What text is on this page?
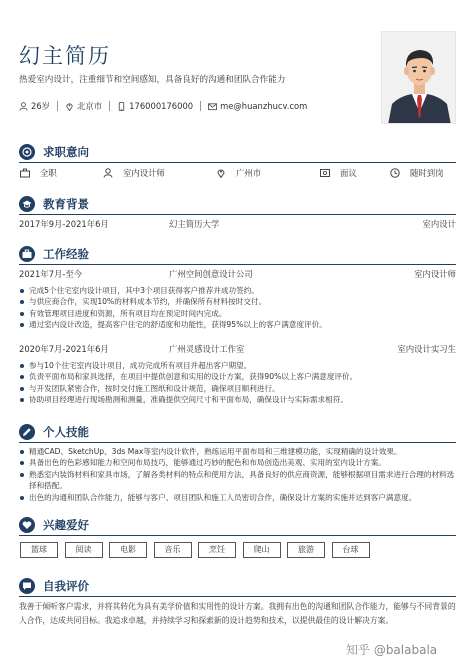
幻主简历
热爱室内设计，注重细节和空间感知，具备良好的沟通和团队合作能力
26岁	北京市	176000176000	me@huanzhucv.com
求职意向
全职	室内设计师	广州市	面议	随时到岗
教育背景
2017年9月-2021年6月	幻主简历大学	室内设计
工作经验
2021年7月-至今	广州空间创意设计公司	室内设计师
完成5个住宅室内设计项目，其中3个项目获得客户推荐并成功签约。
与供应商合作，实现10%的材料成本节约，并确保所有材料按时交付。
有效管理项目进度和资源，所有项目均在预定时间内完成。
通过室内设计改造，提高客户住宅的舒适度和功能性，获得95%以上的客户满意度评价。
2020年7月-2021年6月	广州灵感设计工作室	室内设计实习生
参与10个住宅室内设计项目，成功完成所有项目并超出客户期望。
负责平面布局和家具选择，在项目中提供创意和实用的设计方案，获得90%以上客户满意度评价。
与开发团队紧密合作，按时交付施工图纸和设计规范，确保项目顺利进行。
协助项目经理进行现场勘测和测量，准确提供空间尺寸和平面布局，确保设计与实际需求相符。
个人技能
精通CAD、SketchUp、3ds Max等室内设计软件，熟练运用平面布局和三维建模功能，实现精确的设计效果。
具备出色的色彩感知能力和空间布局技巧，能够通过巧妙的配色和布局创造出美观、实用的室内设计方案。
熟悉室内装饰材料和家具市场，了解各类材料的特点和使用方法，具备良好的供应商资源，能够根据项目需求进行合理的材料选择和搭配。
出色的沟通和团队合作能力，能够与客户、项目团队和施工人员密切合作，确保设计方案的实施并达到客户满意度。
兴趣爱好
篮球	阅读	电影	音乐	烹饪	爬山	旅游	台球
自我评价
我善于倾听客户需求，并将其转化为具有美学价值和实用性的设计方案。我拥有出色的沟通和团队合作能力，能够与不同背景的人合作，达成共同目标。我追求卓越，并持续学习和探索新的设计趋势和技术，以提供最佳的设计解决方案。
知乎 @balabala
